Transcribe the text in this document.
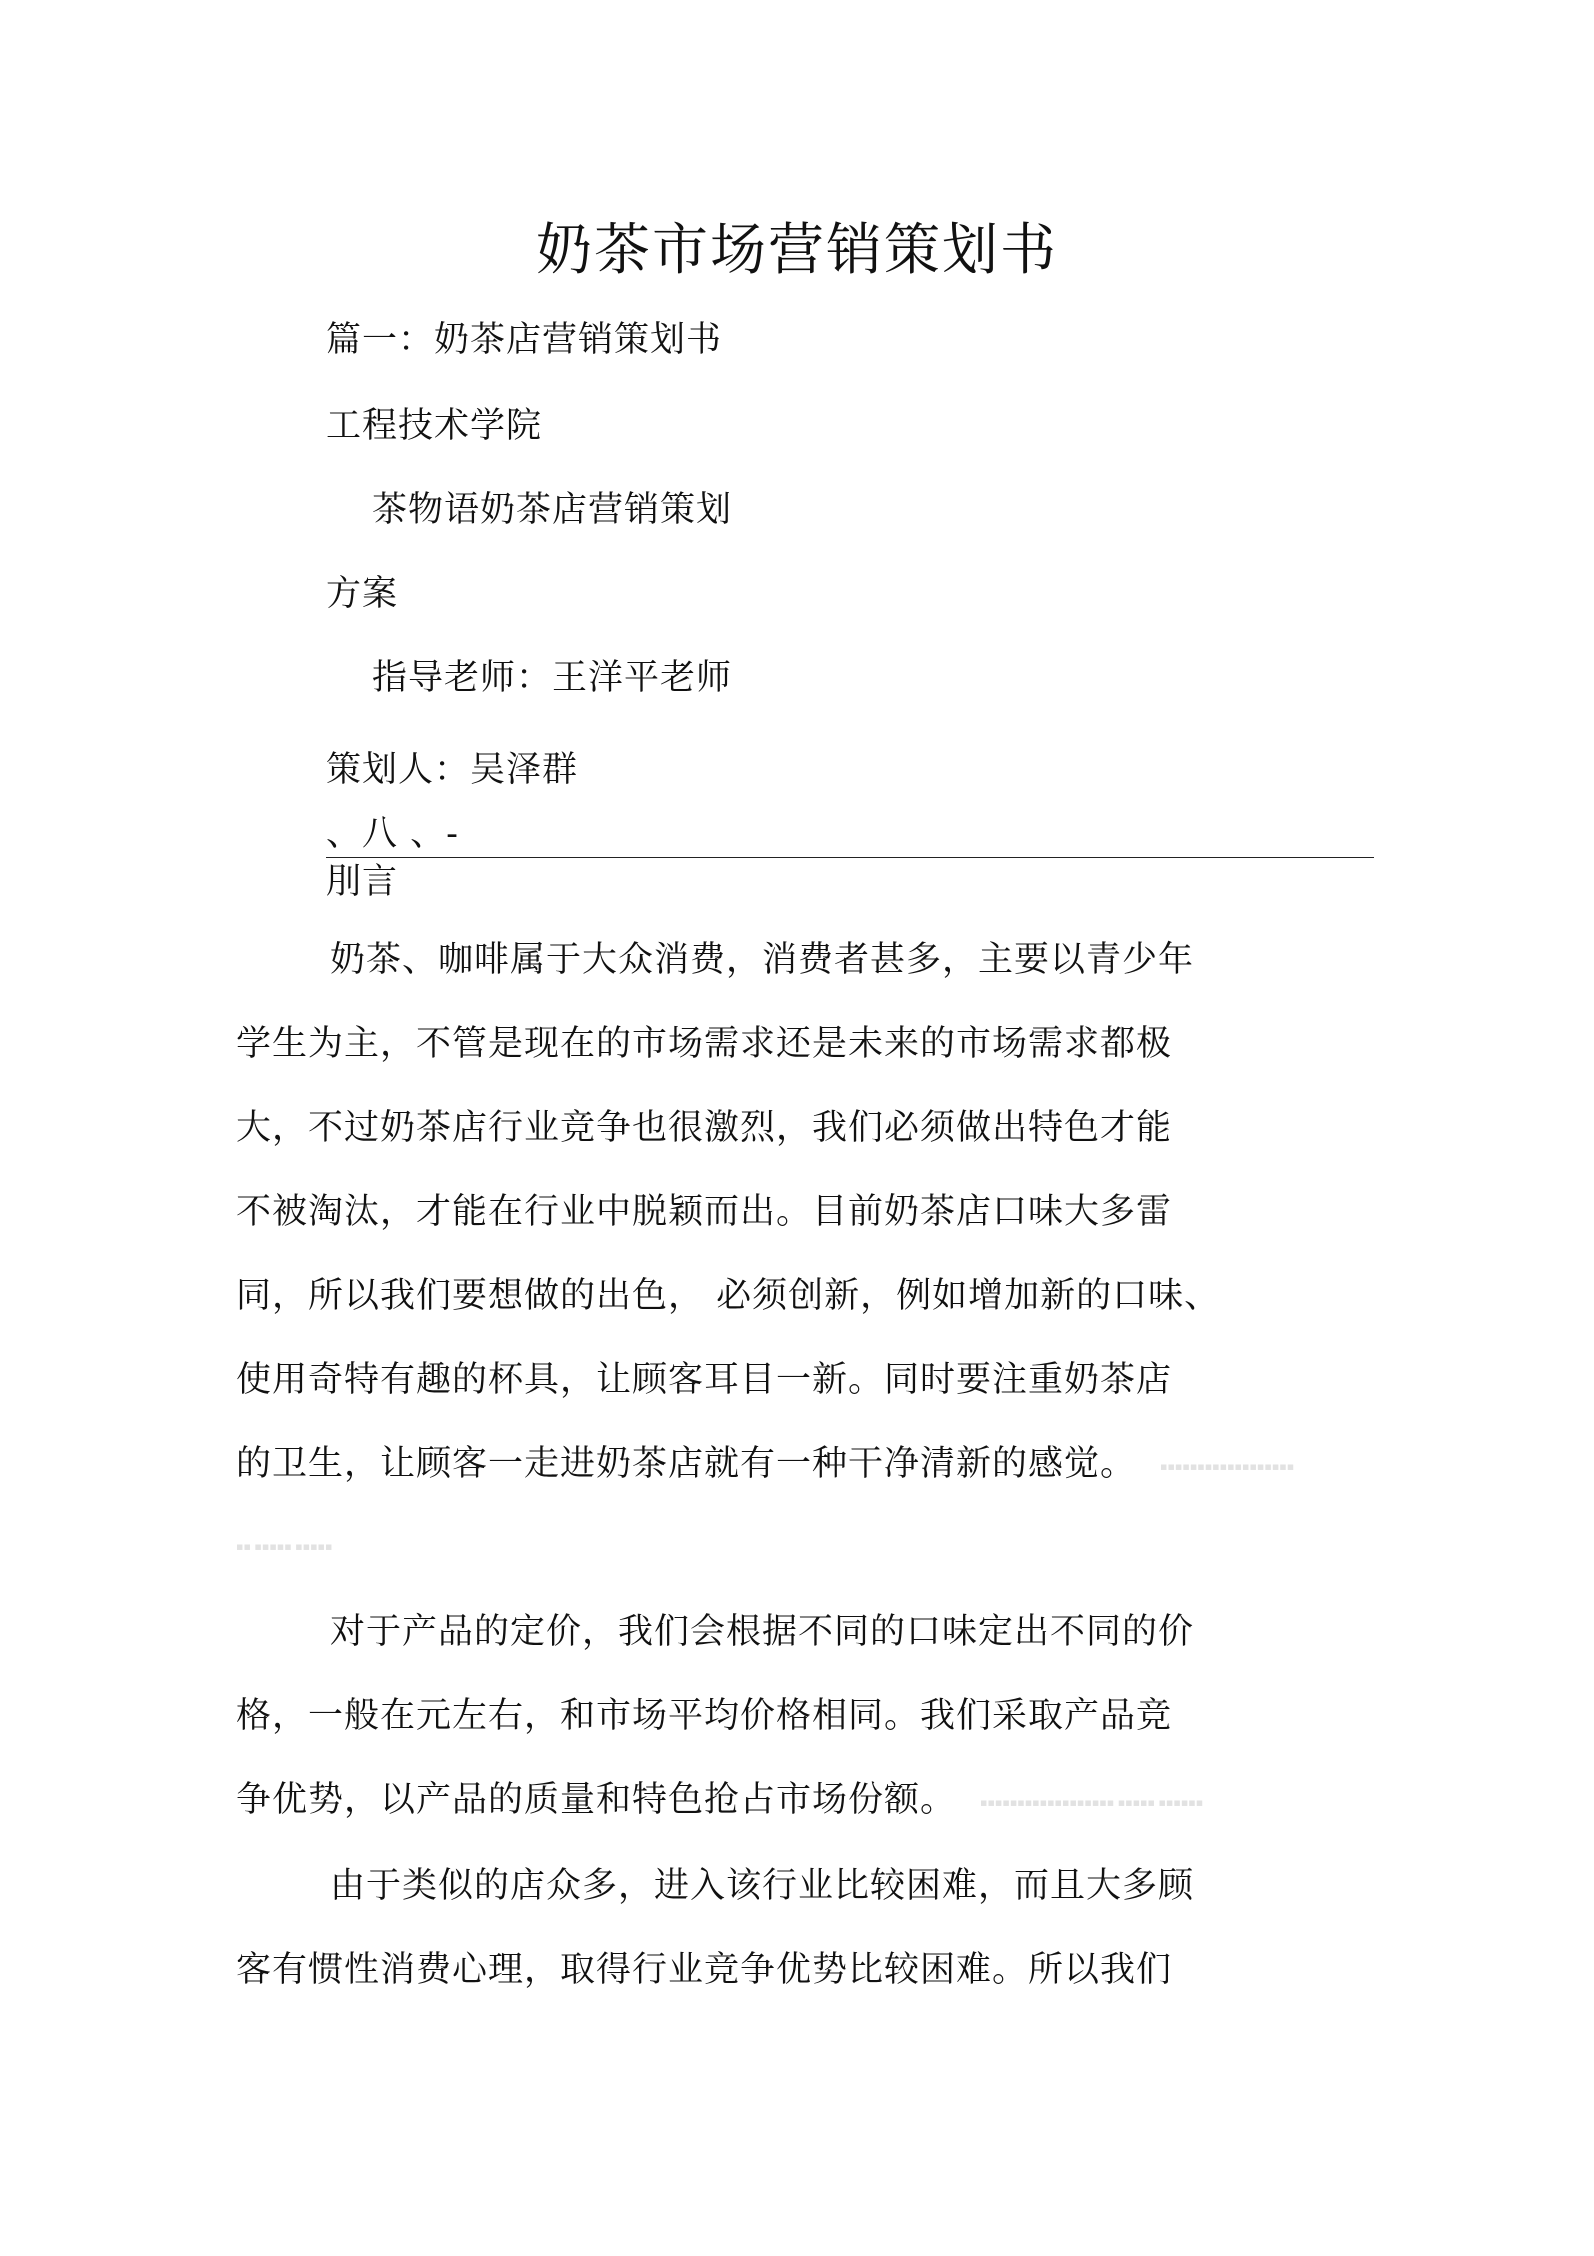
奶茶市场营销策划书
篇一：奶茶店营销策划书
工程技术学院
茶物语奶茶店营销策划
方案
指导老师：王洋平老师
策划人：吴泽群
、八 、-
刖言
奶茶、咖啡属于大众消费，消费者甚多，主要以青少年
学生为主，不管是现在的市场需求还是未来的市场需求都极
大，不过奶茶店行业竞争也很激烈，我们必须做出特色才能
不被淘汰，才能在行业中脱颖而出。目前奶茶店口味大多雷
同，所以我们要想做的出色， 必须创新，例如增加新的口味、
使用奇特有趣的杯具，让顾客耳目一新。同时要注重奶茶店
的卫生，让顾客一走进奶茶店就有一种干净清新的感觉。 ▪▪▪▪▪▪▪▪▪▪▪▪▪▪▪▪▪▪
▪▪ ▪▪▪▪▪ ▪▪▪▪▪
对于产品的定价，我们会根据不同的口味定出不同的价
格，一般在元左右，和市场平均价格相同。我们采取产品竞
争优势，以产品的质量和特色抢占市场份额。 ▪▪▪▪▪▪▪▪▪▪▪▪▪▪▪▪▪▪ ▪▪▪▪▪ ▪▪▪▪▪▪
由于类似的店众多，进入该行业比较困难，而且大多顾
客有惯性消费心理，取得行业竞争优势比较困难。所以我们
